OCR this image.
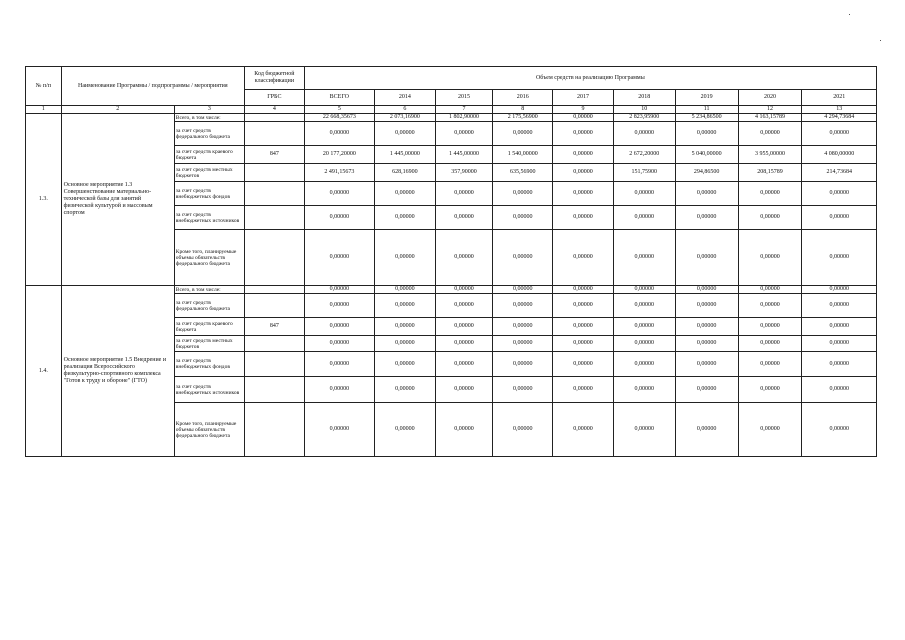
№ п/п	Наименование Программы / подпрограммы / мероприятия		Код бюджетной классификации	Объем средств на реализацию Программы								
			ГРБС	ВСЕГО	2014	2015	2016	2017	2018	2019	2020	2021
1	2	3	4	5	6	7	8	9	10	11	12	13
1.3.	Основное мероприятие 1.3 Совершенствование материально-технической базы для занятий физической культурой и массовым спортом	Всего, в том числе:		22 668,35673	2 073,16900	1 802,90000	2 175,56900	0,00000	2 823,95900	5 234,86500	4 163,15789	4 294,73684
		за счет средств федерального бюджета		0,00000	0,00000	0,00000	0,00000	0,00000	0,00000	0,00000	0,00000	0,00000
		за счет средств краевого бюджета	847	20 177,20000	1 445,00000	1 445,00000	1 540,00000	0,00000	2 672,20000	5 040,00000	3 955,00000	4 080,00000
		за счет средств местных бюджетов		2 491,15673	628,16900	357,90000	635,56900	0,00000	151,75900	294,86500	208,15789	214,73684
		за счет средств внебюджетных фондов		0,00000	0,00000	0,00000	0,00000	0,00000	0,00000	0,00000	0,00000	0,00000
		за счет средств внебюджетных источников		0,00000	0,00000	0,00000	0,00000	0,00000	0,00000	0,00000	0,00000	0,00000
		Кроме того, планируемые объемы обязательств федерального бюджета		0,00000	0,00000	0,00000	0,00000	0,00000	0,00000	0,00000	0,00000	0,00000
1.4.	Основное мероприятие 1.5 Внедрение и реализация Всероссийского физкультурно-спортивного комплекса "Готов к труду и обороне" (ГТО)	Всего, в том числе:		0,00000	0,00000	0,00000	0,00000	0,00000	0,00000	0,00000	0,00000	0,00000
		за счет средств федерального бюджета		0,00000	0,00000	0,00000	0,00000	0,00000	0,00000	0,00000	0,00000	0,00000
		за счет средств краевого бюджета	847	0,00000	0,00000	0,00000	0,00000	0,00000	0,00000	0,00000	0,00000	0,00000
		за счет средств местных бюджетов		0,00000	0,00000	0,00000	0,00000	0,00000	0,00000	0,00000	0,00000	0,00000
		за счет средств внебюджетных фондов		0,00000	0,00000	0,00000	0,00000	0,00000	0,00000	0,00000	0,00000	0,00000
		за счет средств внебюджетных источников		0,00000	0,00000	0,00000	0,00000	0,00000	0,00000	0,00000	0,00000	0,00000
		Кроме того, планируемые объемы обязательств федерального бюджета		0,00000	0,00000	0,00000	0,00000	0,00000	0,00000	0,00000	0,00000	0,00000
